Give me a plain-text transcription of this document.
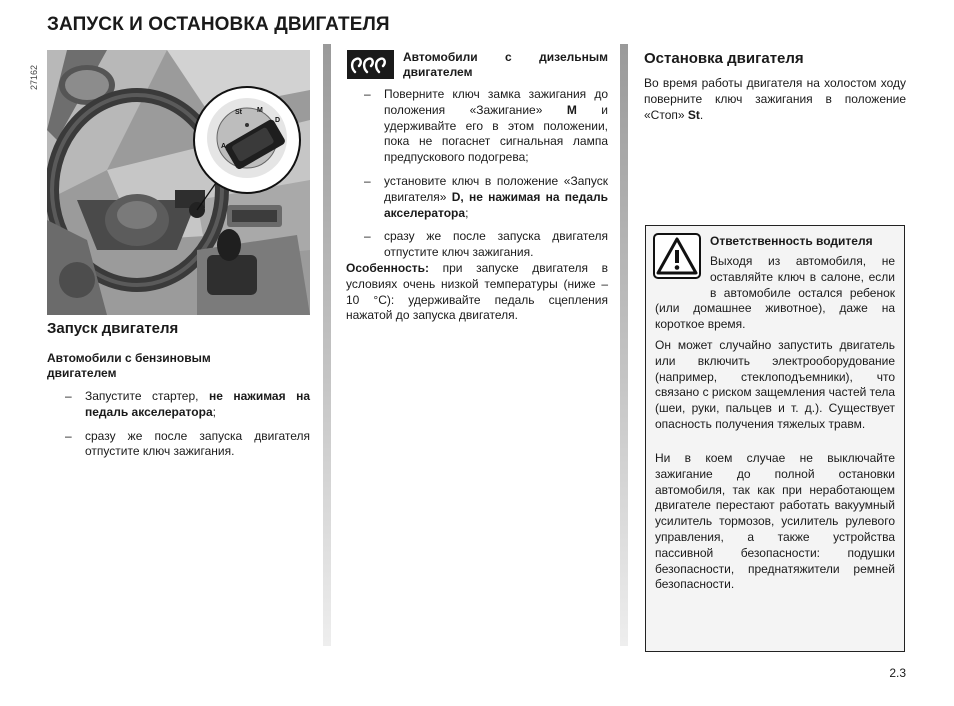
ЗАПУСК И ОСТАНОВКА ДВИГАТЕЛЯ
27162
A
St M
D
Запуск двигателя
Автомобили с бензиновым двигателем
– Запустите стартер, не нажимая на педаль акселератора;
– сразу же после запуска двигателя отпустите ключ зажигания.
Автомобили с дизельным двигателем
– Поверните ключ замка зажигания до положения «Зажигание» M и удерживайте его в этом положении, пока не погаснет сигнальная лампа предпускового подогрева;
– установите ключ в положение «Запуск двигателя» D, не нажимая на педаль акселератора;
– сразу же после запуска двигателя отпустите ключ зажигания.
Особенность: при запуске двигателя в условиях очень низкой температуры (ниже –10 °C): удерживайте педаль сцепления нажатой до запуска двигателя.
Остановка двигателя
Во время работы двигателя на холостом ходу поверните ключ зажигания в положение «Стоп» St.
Ответственность водителя
Выходя из автомобиля, не оставляйте ключ в салоне, если в автомобиле остался ребенок (или домашнее животное), даже на короткое время.
Он может случайно запустить двигатель или включить электрооборудование (например, стеклоподъемники), что связано с риском защемления частей тела (шеи, руки, пальцев и т. д.). Существует опасность получения тяжелых травм.
Ни в коем случае не выключайте зажигание до полной остановки автомобиля, так как при неработающем двигателе перестают работать вакуумный усилитель тормозов, усилитель рулевого управления, а также устройства пассивной безопасности: подушки безопасности, преднатяжители ремней безопасности.
2.3
